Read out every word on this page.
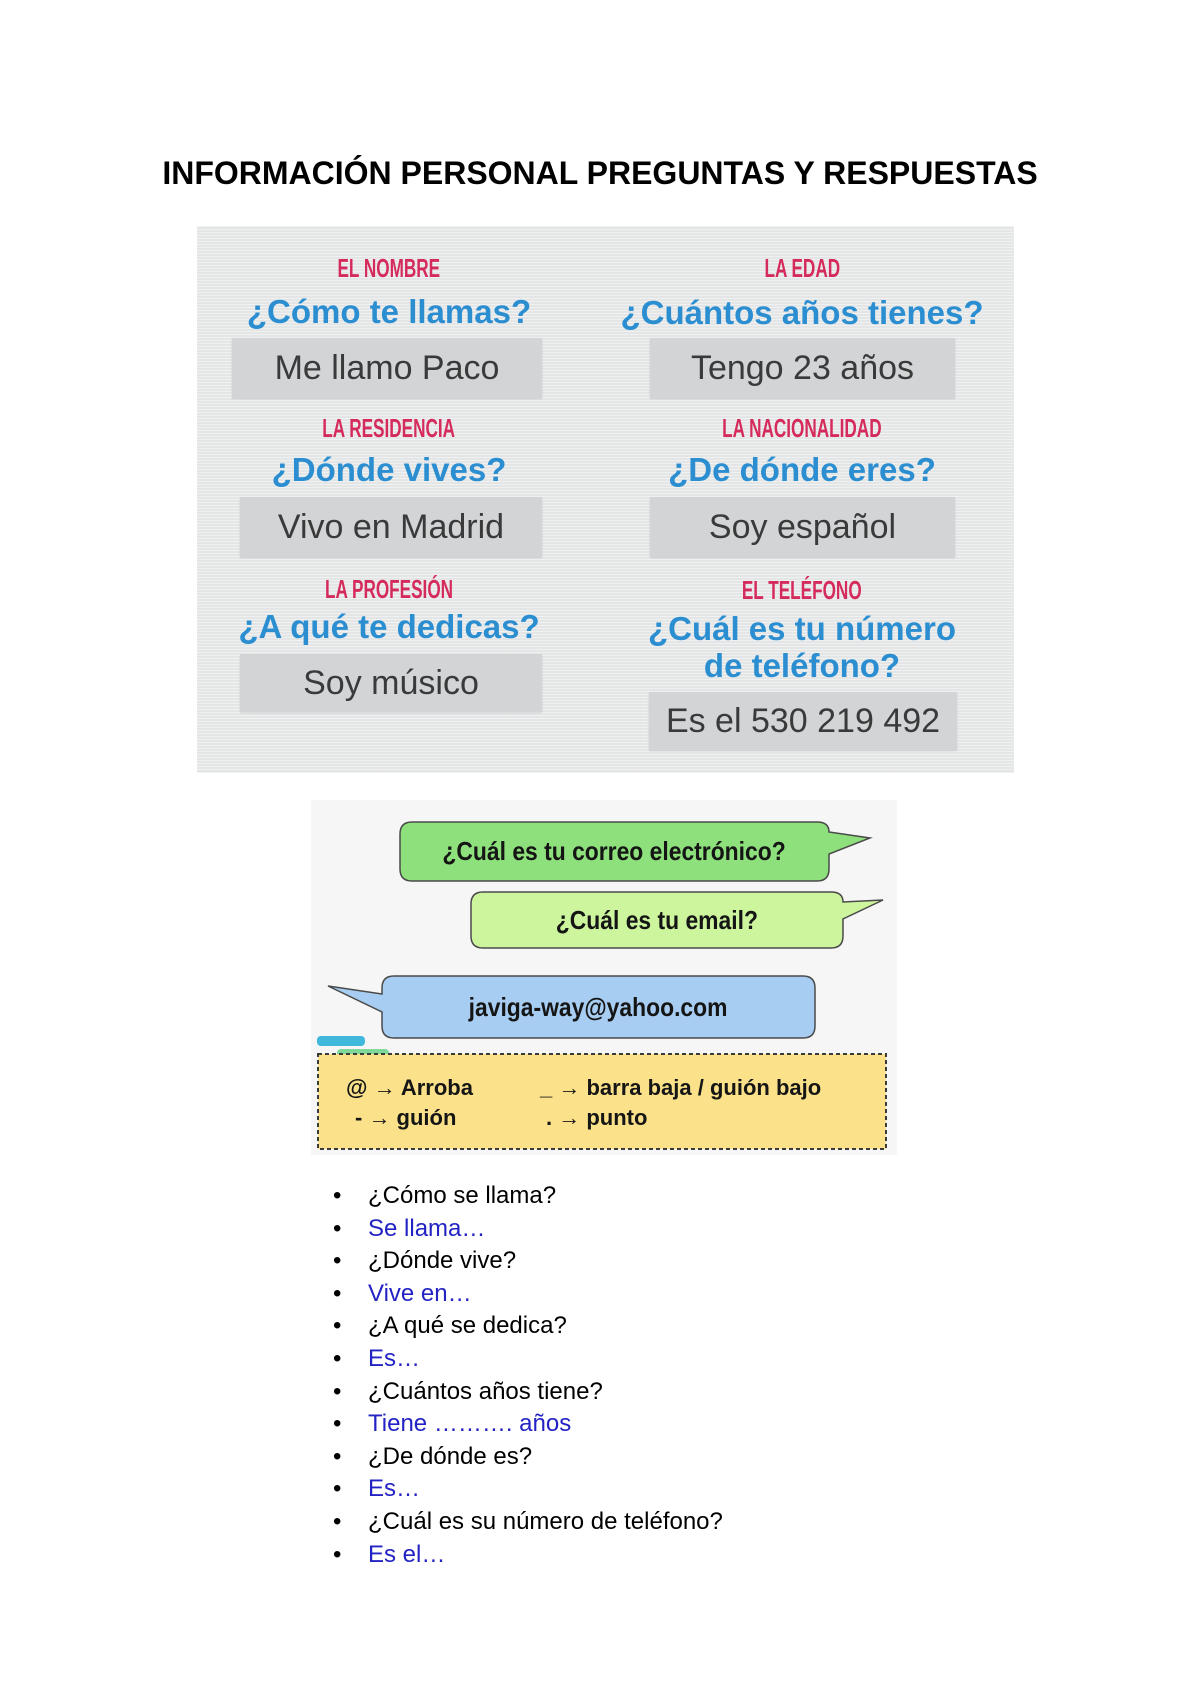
INFORMACIÓN PERSONAL PREGUNTAS Y RESPUESTAS
EL NOMBRE
¿Cómo te llamas?
Me llamo Paco
LA EDAD
¿Cuántos años tienes?
Tengo 23 años
LA RESIDENCIA
¿Dónde vives?
Vivo en Madrid
LA NACIONALIDAD
¿De dónde eres?
Soy español
LA PROFESIÓN
¿A qué te dedicas?
Soy músico
EL TELÉFONO
¿Cuál es tu número
de teléfono?
Es el 530 219 492
¿Cuál es tu correo electrónico?
¿Cuál es tu email?
javiga-way@yahoo.com
@ → Arroba	_ → barra baja / guión bajo
- → guión	. → punto
• ¿Cómo se llama?
• Se llama…
• ¿Dónde vive?
• Vive en…
• ¿A qué se dedica?
• Es…
• ¿Cuántos años tiene?
• Tiene ………. años
• ¿De dónde es?
• Es…
• ¿Cuál es su número de teléfono?
• Es el…
